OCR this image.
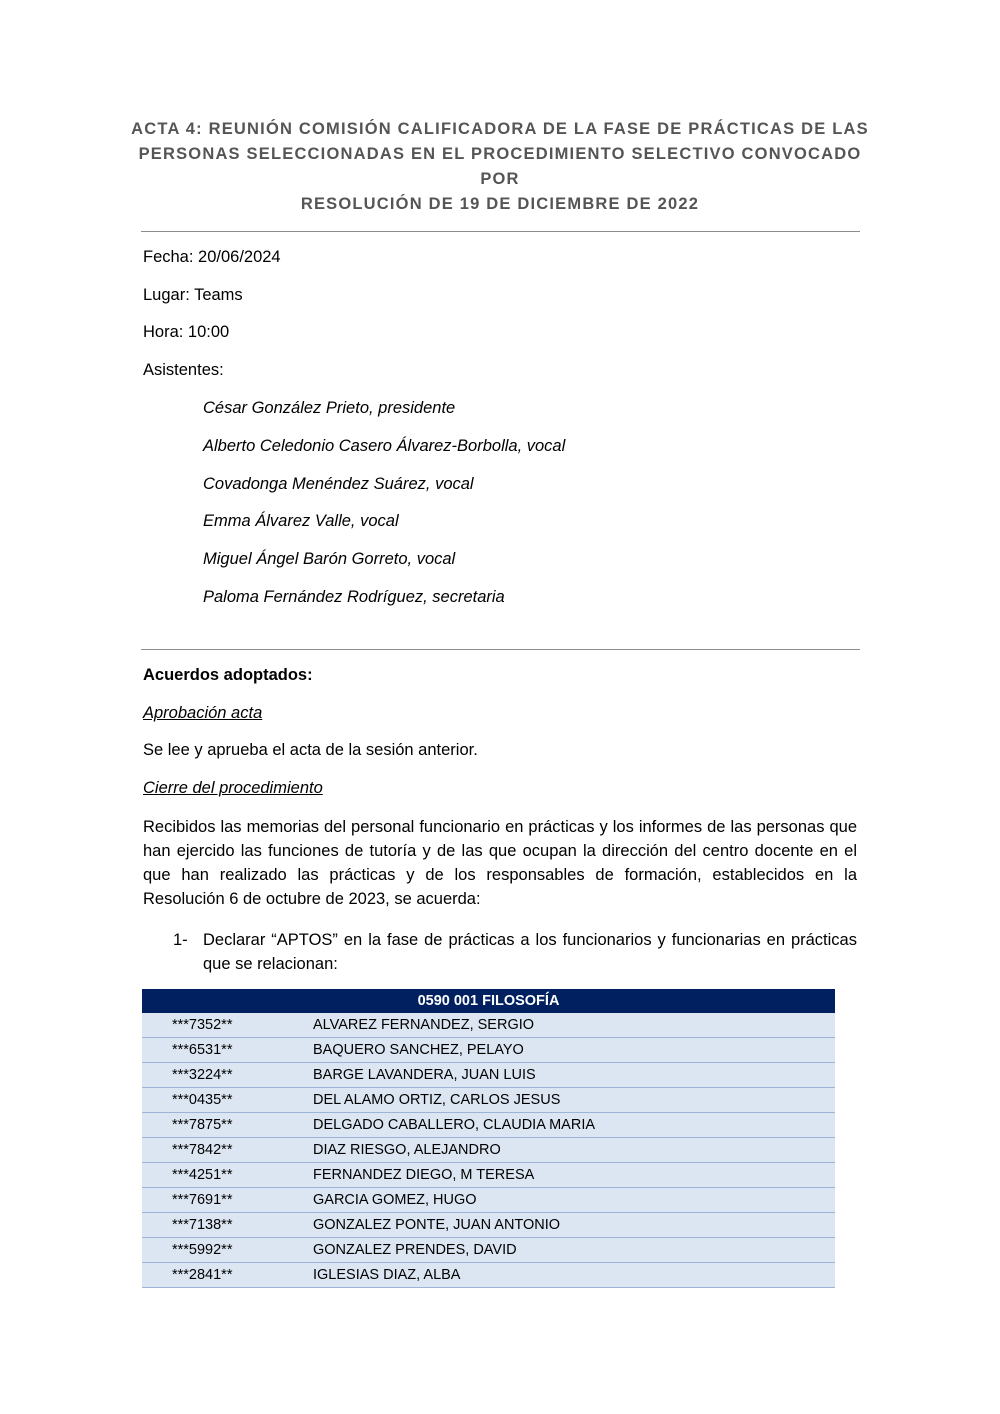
ACTA 4: REUNIÓN COMISIÓN CALIFICADORA DE LA FASE DE PRÁCTICAS DE LAS
PERSONAS SELECCIONADAS EN EL PROCEDIMIENTO SELECTIVO CONVOCADO POR
RESOLUCIÓN DE 19 DE DICIEMBRE DE 2022
Fecha: 20/06/2024
Lugar: Teams
Hora: 10:00
Asistentes:
César González Prieto, presidente
Alberto Celedonio Casero Álvarez-Borbolla, vocal
Covadonga Menéndez Suárez, vocal
Emma Álvarez Valle, vocal
Miguel Ángel Barón Gorreto, vocal
Paloma Fernández Rodríguez, secretaria
Acuerdos adoptados:
Aprobación acta
Se lee y aprueba el acta de la sesión anterior.
Cierre del procedimiento
Recibidos las memorias del personal funcionario en prácticas y los informes de las personas que han ejercido las funciones de tutoría y de las que ocupan la dirección del centro docente en el que han realizado las prácticas y de los responsables de formación, establecidos en la Resolución 6 de octubre de 2023, se acuerda:
1- Declarar “APTOS” en la fase de prácticas a los funcionarios y funcionarias en prácticas que se relacionan:
0590 001 FILOSOFÍA	
***7352**	ALVAREZ FERNANDEZ, SERGIO
***6531**	BAQUERO SANCHEZ, PELAYO
***3224**	BARGE LAVANDERA, JUAN LUIS
***0435**	DEL ALAMO ORTIZ, CARLOS JESUS
***7875**	DELGADO CABALLERO, CLAUDIA MARIA
***7842**	DIAZ RIESGO, ALEJANDRO
***4251**	FERNANDEZ DIEGO, M TERESA
***7691**	GARCIA GOMEZ, HUGO
***7138**	GONZALEZ PONTE, JUAN ANTONIO
***5992**	GONZALEZ PRENDES, DAVID
***2841**	IGLESIAS DIAZ, ALBA
